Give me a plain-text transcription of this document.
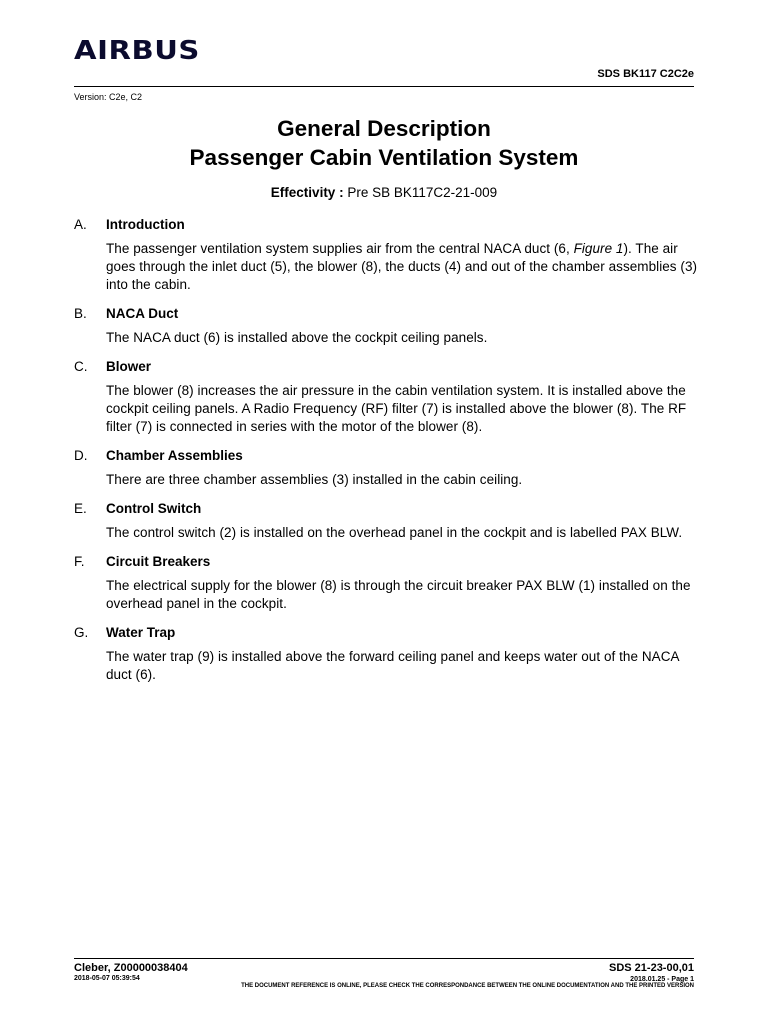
AIRBUS
SDS BK117 C2C2e
Version: C2e, C2
General Description
Passenger Cabin Ventilation System
Effectivity : Pre SB BK117C2-21-009
A. Introduction
The passenger ventilation system supplies air from the central NACA duct (6, Figure 1). The air goes through the inlet duct (5), the blower (8), the ducts (4) and out of the chamber assemblies (3) into the cabin.
B. NACA Duct
The NACA duct (6) is installed above the cockpit ceiling panels.
C. Blower
The blower (8) increases the air pressure in the cabin ventilation system. It is installed above the cockpit ceiling panels. A Radio Frequency (RF) filter (7) is installed above the blower (8). The RF filter (7) is connected in series with the motor of the blower (8).
D. Chamber Assemblies
There are three chamber assemblies (3) installed in the cabin ceiling.
E. Control Switch
The control switch (2) is installed on the overhead panel in the cockpit and is labelled PAX BLW.
F. Circuit Breakers
The electrical supply for the blower (8) is through the circuit breaker PAX BLW (1) installed on the overhead panel in the cockpit.
G. Water Trap
The water trap (9) is installed above the forward ceiling panel and keeps water out of the NACA duct (6).
Cleber, Z00000038404	SDS 21-23-00,01
2018-05-07 05:39:54	2018.01.25 - Page 1
THE DOCUMENT REFERENCE IS ONLINE, PLEASE CHECK THE CORRESPONDANCE BETWEEN THE ONLINE DOCUMENTATION AND THE PRINTED VERSION
